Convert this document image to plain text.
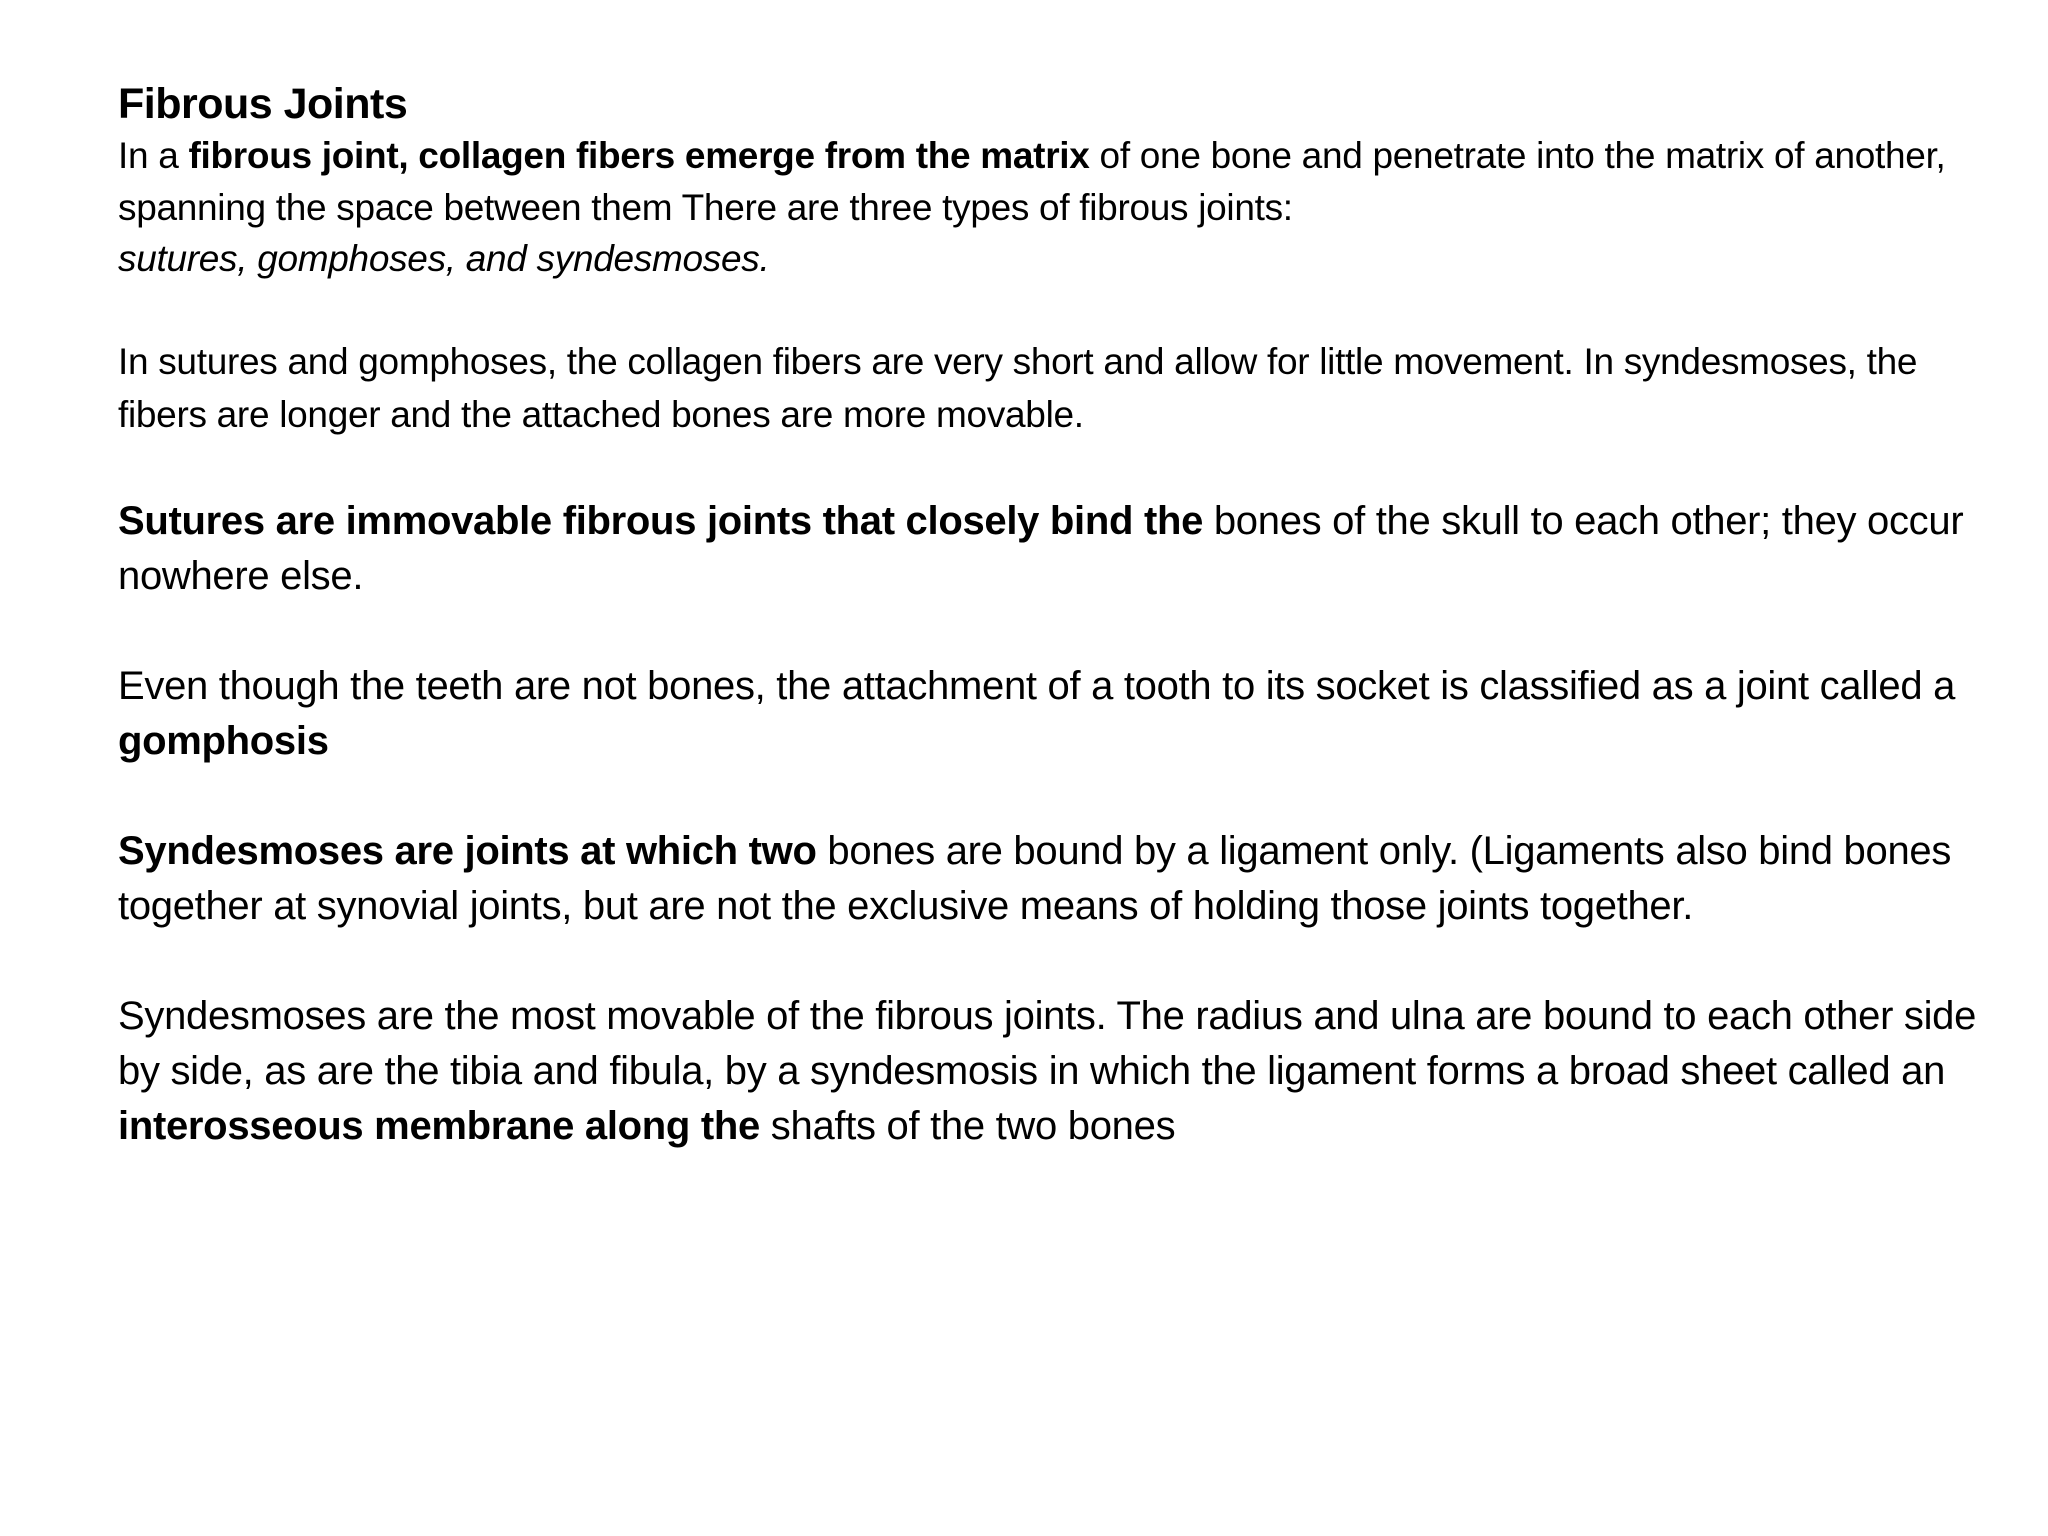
Fibrous Joints

In a fibrous joint, collagen fibers emerge from the matrix of one bone and penetrate into the matrix of another, spanning the space between them There are three types of fibrous joints:
sutures, gomphoses, and syndesmoses.

In sutures and gomphoses, the collagen fibers are very short and allow for little movement. In syndesmoses, the fibers are longer and the attached bones are more movable.

Sutures are immovable fibrous joints that closely bind the bones of the skull to each other; they occur nowhere else.

Even though the teeth are not bones, the attachment of a tooth to its socket is classified as a joint called a gomphosis

Syndesmoses are joints at which two bones are bound by a ligament only. (Ligaments also bind bones together at synovial joints, but are not the exclusive means of holding those joints together.

Syndesmoses are the most movable of the fibrous joints. The radius and ulna are bound to each other side by side, as are the tibia and fibula, by a syndesmosis in which the ligament forms a broad sheet called an interosseous membrane along the shafts of the two bones
